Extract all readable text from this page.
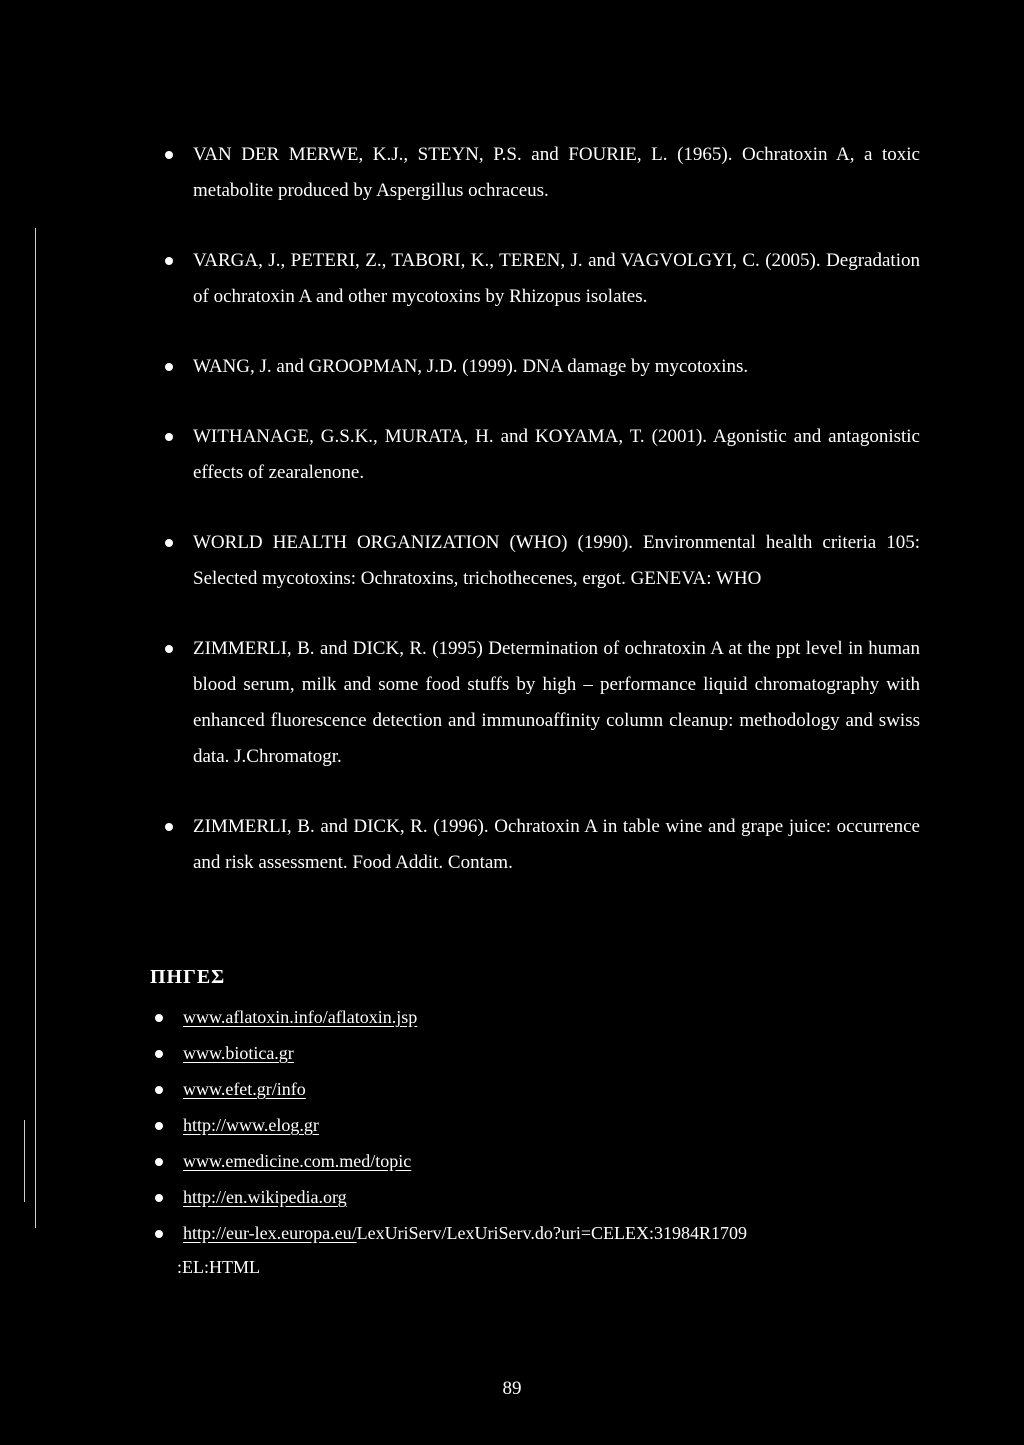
VAN DER MERWE, K.J., STEYN, P.S. and FOURIE, L. (1965). Ochratoxin A, a toxic metabolite produced by Aspergillus ochraceus.
VARGA, J., PETERI, Z., TABORI, K., TEREN, J. and VAGVOLGYI, C. (2005). Degradation of ochratoxin A and other mycotoxins by Rhizopus isolates.
WANG, J. and GROOPMAN, J.D. (1999). DNA damage by mycotoxins.
WITHANAGE, G.S.K., MURATA, H. and KOYAMA, T. (2001). Agonistic and antagonistic effects of zearalenone.
WORLD HEALTH ORGANIZATION (WHO) (1990). Environmental health criteria 105: Selected mycotoxins: Ochratoxins, trichothecenes, ergot. GENEVA: WHO
ZIMMERLI, B. and DICK, R. (1995) Determination of ochratoxin A at the ppt level in human blood serum, milk and some food stuffs by high – performance liquid chromatography with enhanced fluorescence detection and immunoaffinity column cleanup: methodology and swiss data. J.Chromatogr.
ZIMMERLI, B. and DICK, R. (1996). Ochratoxin A in table wine and grape juice: occurrence and risk assessment. Food Addit. Contam.
ΠΗΓΕΣ
www.aflatoxin.info/aflatoxin.jsp
www.biotica.gr
www.efet.gr/info
http://www.elog.gr
www.emedicine.com.med/topic
http://en.wikipedia.org
http://eur-lex.europa.eu/LexUriServ/LexUriServ.do?uri=CELEX:31984R1709
:EL:HTML
89
